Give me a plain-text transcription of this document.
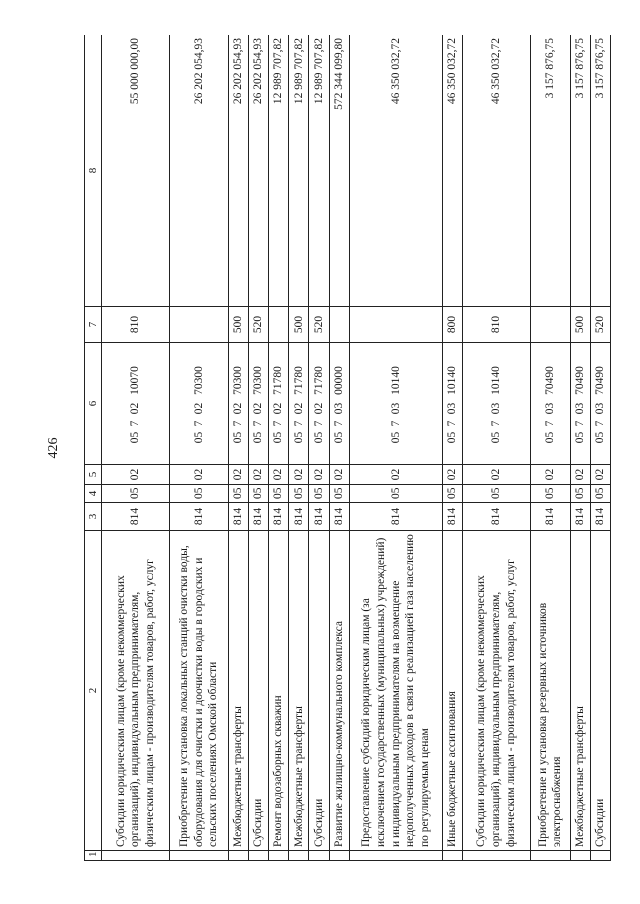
426
1	2	3	4	5	6	7	8
	Субсидии юридическим лицам (кроме некоммерческих организаций), индивидуальным предпринимателям, физическим лицам - производителям товаров, работ, услуг	814	05	02	0570210070	810	55 000 000,00
	Приобретение и установка локальных станций очистки воды, оборудования для очистки и доочистки воды в городских и сельских поселениях Омской области	814	05	02	0570270300		26 202 054,93
	Межбюджетные трансферты	814	05	02	0570270300	500	26 202 054,93
	Субсидии	814	05	02	0570270300	520	26 202 054,93
	Ремонт водозаборных скважин	814	05	02	0570271780		12 989 707,82
	Межбюджетные трансферты	814	05	02	0570271780	500	12 989 707,82
	Субсидии	814	05	02	0570271780	520	12 989 707,82
	Развитие жилищно-коммунального комплекса	814	05	02	0570300000		572 344 099,80
	Предоставление субсидий юридическим лицам (за исключением государственных (муниципальных) учреждений) и индивидуальным предпринимателям на возмещение недополученных доходов в связи с реализацией газа населению по регулируемым ценам	814	05	02	0570310140		46 350 032,72
	Иные бюджетные ассигнования	814	05	02	0570310140	800	46 350 032,72
	Субсидии юридическим лицам (кроме некоммерческих организаций), индивидуальным предпринимателям, физическим лицам - производителям товаров, работ, услуг	814	05	02	0570310140	810	46 350 032,72
	Приобретение и установка резервных источников электроснабжения	814	05	02	0570370490		3 157 876,75
	Межбюджетные трансферты	814	05	02	0570370490	500	3 157 876,75
	Субсидии	814	05	02	0570370490	520	3 157 876,75
